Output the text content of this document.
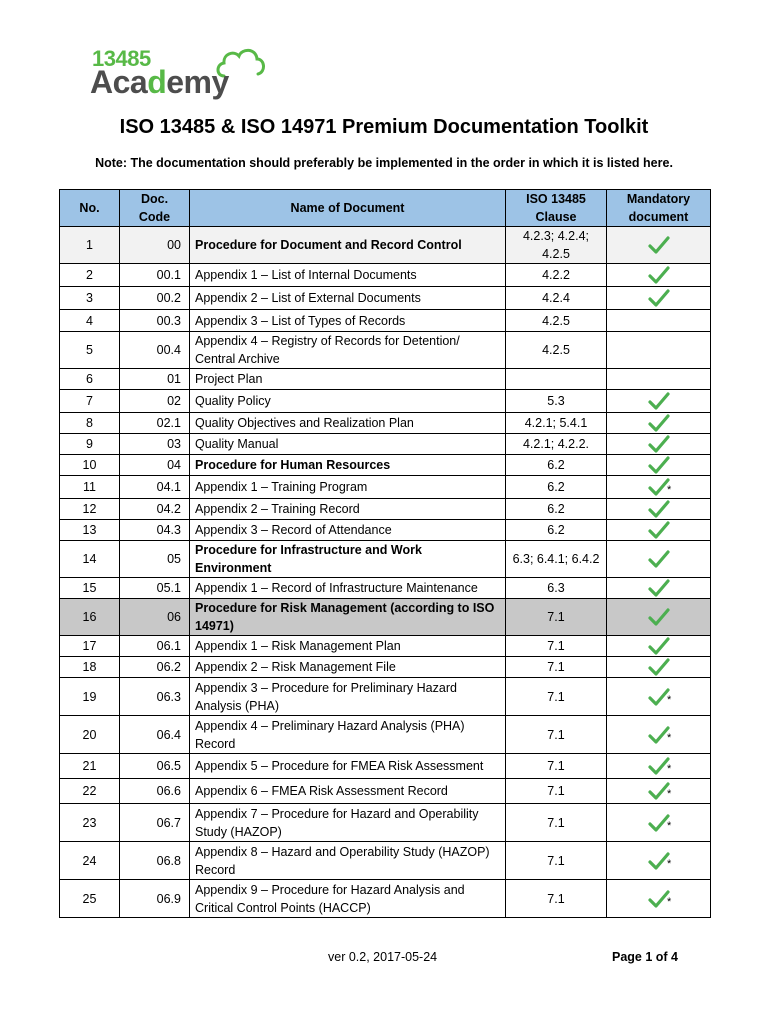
13485
Academy
ISO 13485 & ISO 14971 Premium Documentation Toolkit
Note: The documentation should preferably be implemented in the order in which it is listed here.
No.	Doc. Code	Name of Document	ISO 13485 Clause	Mandatory document
1	00	Procedure for Document and Record Control	4.2.3; 4.2.4; 4.2.5	

2	00.1	Appendix 1 – List of Internal Documents	4.2.2	

3	00.2	Appendix 2 – List of External Documents	4.2.4	

4	00.3	Appendix 3 – List of Types of Records	4.2.5	
5	00.4	Appendix 4 – Registry of Records for Detention/ Central Archive	4.2.5	
6	01	Project Plan		
7	02	Quality Policy	5.3	

8	02.1	Quality Objectives and Realization Plan	4.2.1; 5.4.1	

9	03	Quality Manual	4.2.1; 4.2.2.	

10	04	Procedure for Human Resources	6.2	

11	04.1	Appendix 1 – Training Program	6.2	*

12	04.2	Appendix 2 – Training Record	6.2	

13	04.3	Appendix 3 – Record of Attendance	6.2	

14	05	Procedure for Infrastructure and Work Environment	6.3; 6.4.1; 6.4.2	

15	05.1	Appendix 1 – Record of Infrastructure Maintenance	6.3	

16	06	Procedure for Risk Management (according to ISO 14971)	7.1	

17	06.1	Appendix 1 – Risk Management Plan	7.1	

18	06.2	Appendix 2 – Risk Management File	7.1	

19	06.3	Appendix 3 – Procedure for Preliminary Hazard Analysis (PHA)	7.1	*

20	06.4	Appendix 4 – Preliminary Hazard Analysis (PHA) Record	7.1	*

21	06.5	Appendix 5 – Procedure for FMEA Risk Assessment	7.1	*

22	06.6	Appendix 6 – FMEA Risk Assessment Record	7.1	*

23	06.7	Appendix 7 – Procedure for Hazard and Operability Study (HAZOP)	7.1	*

24	06.8	Appendix 8 – Hazard and Operability Study (HAZOP) Record	7.1	*

25	06.9	Appendix 9 – Procedure for Hazard Analysis and Critical Control Points (HACCP)	7.1	*
ver 0.2, 2017-05-24	Page 1 of 4
